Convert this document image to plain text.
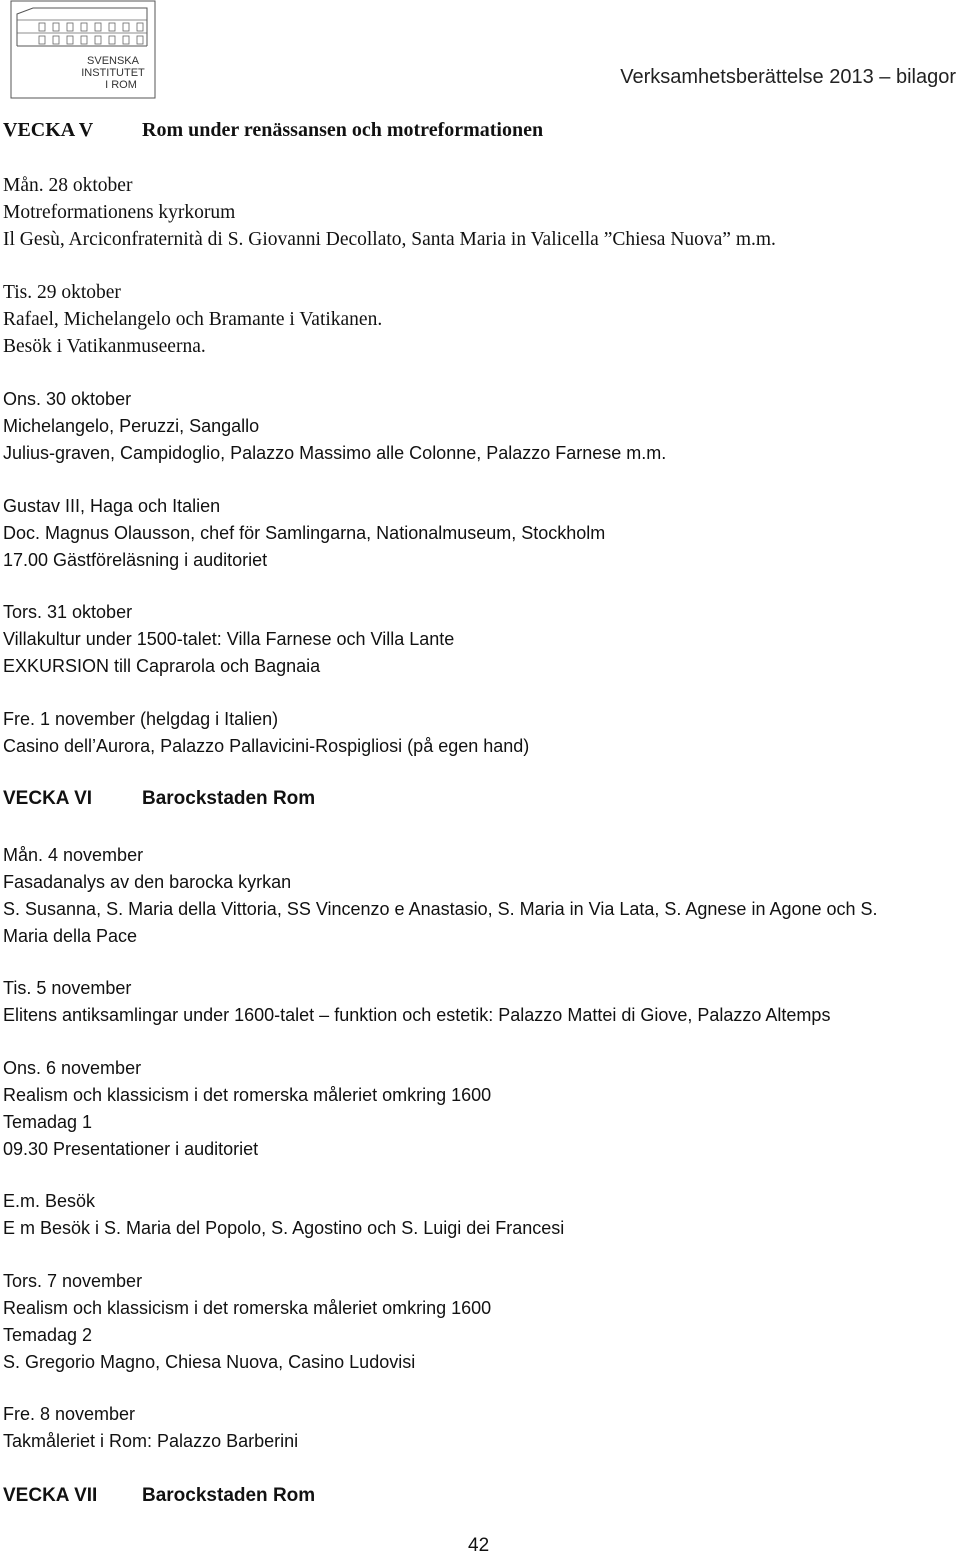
SVENSKA
INSTITUTET
I ROM	Verksamhetsberättelse 2013 – bilagor
VECKA V Rom under renässansen och motreformationen
Mån. 28 oktober
Motreformationens kyrkorum
Il Gesù, Arciconfraternità di S. Giovanni Decollato, Santa Maria in Valicella ”Chiesa Nuova” m.m.
Tis. 29 oktober
Rafael, Michelangelo och Bramante i Vatikanen.
Besök i Vatikanmuseerna.
Ons. 30 oktober
Michelangelo, Peruzzi, Sangallo
Julius-graven, Campidoglio, Palazzo Massimo alle Colonne, Palazzo Farnese m.m.
Gustav III, Haga och Italien
Doc. Magnus Olausson, chef för Samlingarna, Nationalmuseum, Stockholm
17.00 Gästföreläsning i auditoriet
Tors. 31 oktober
Villakultur under 1500-talet: Villa Farnese och Villa Lante
EXKURSION till Caprarola och Bagnaia
Fre. 1 november (helgdag i Italien)
Casino dell’Aurora, Palazzo Pallavicini-Rospigliosi (på egen hand)
VECKA VI	Barockstaden Rom
Mån. 4 november
Fasadanalys av den barocka kyrkan
S. Susanna, S. Maria della Vittoria, SS Vincenzo e Anastasio, S. Maria in Via Lata, S. Agnese in Agone och S.
Maria della Pace
Tis. 5 november
Elitens antiksamlingar under 1600-talet – funktion och estetik: Palazzo Mattei di Giove, Palazzo Altemps
Ons. 6 november
Realism och klassicism i det romerska måleriet omkring 1600
Temadag 1
09.30 Presentationer i auditoriet
E.m. Besök
E m Besök i S. Maria del Popolo, S. Agostino och S. Luigi dei Francesi
Tors. 7 november
Realism och klassicism i det romerska måleriet omkring 1600
Temadag 2
S. Gregorio Magno, Chiesa Nuova, Casino Ludovisi
Fre. 8 november
Takmåleriet i Rom: Palazzo Barberini
VECKA VII Barockstaden Rom
42
